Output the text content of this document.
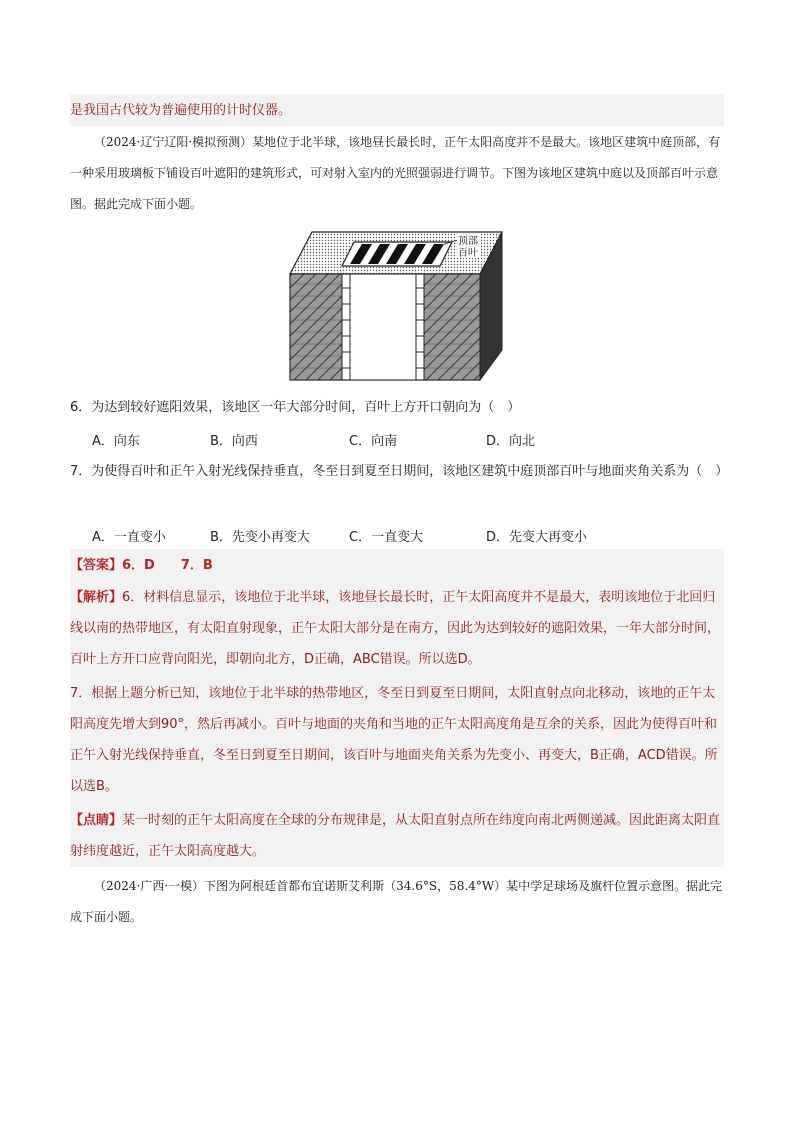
是我国古代较为普遍使用的计时仪器。
（2024·辽宁辽阳·模拟预测）某地位于北半球，该地昼长最长时，正午太阳高度并不是最大。该地区建筑中庭顶部，有一种采用玻璃板下铺设百叶遮阳的建筑形式，可对射入室内的光照强弱进行调节。下图为该地区建筑中庭以及顶部百叶示意图。据此完成下面小题。
顶部
百叶
6．为达到较好遮阳效果，该地区一年大部分时间，百叶上方开口朝向为（　）
A．向东	B．向西	C．向南	D．向北
7．为使得百叶和正午入射光线保持垂直，冬至日到夏至日期间，该地区建筑中庭顶部百叶与地面夹角关系为（　）
A．一直变小	B．先变小再变大	C．一直变大	D．先变大再变小
【答案】6．D　　7．B
【解析】6．材料信息显示，该地位于北半球，该地昼长最长时，正午太阳高度并不是最大，表明该地位于北回归线以南的热带地区，有太阳直射现象，正午太阳大部分是在南方，因此为达到较好的遮阳效果，一年大部分时间，百叶上方开口应背向阳光，即朝向北方，D正确，ABC错误。所以选D。
7．根据上题分析已知，该地位于北半球的热带地区，冬至日到夏至日期间，太阳直射点向北移动，该地的正午太阳高度先增大到90°，然后再减小。百叶与地面的夹角和当地的正午太阳高度角是互余的关系，因此为使得百叶和正午入射光线保持垂直，冬至日到夏至日期间，该百叶与地面夹角关系为先变小、再变大，B正确，ACD错误。所以选B。
【点睛】某一时刻的正午太阳高度在全球的分布规律是，从太阳直射点所在纬度向南北两侧递减。因此距离太阳直射纬度越近，正午太阳高度越大。
（2024·广西·一模）下图为阿根廷首都布宜诺斯艾利斯（34.6°S，58.4°W）某中学足球场及旗杆位置示意图。据此完成下面小题。
